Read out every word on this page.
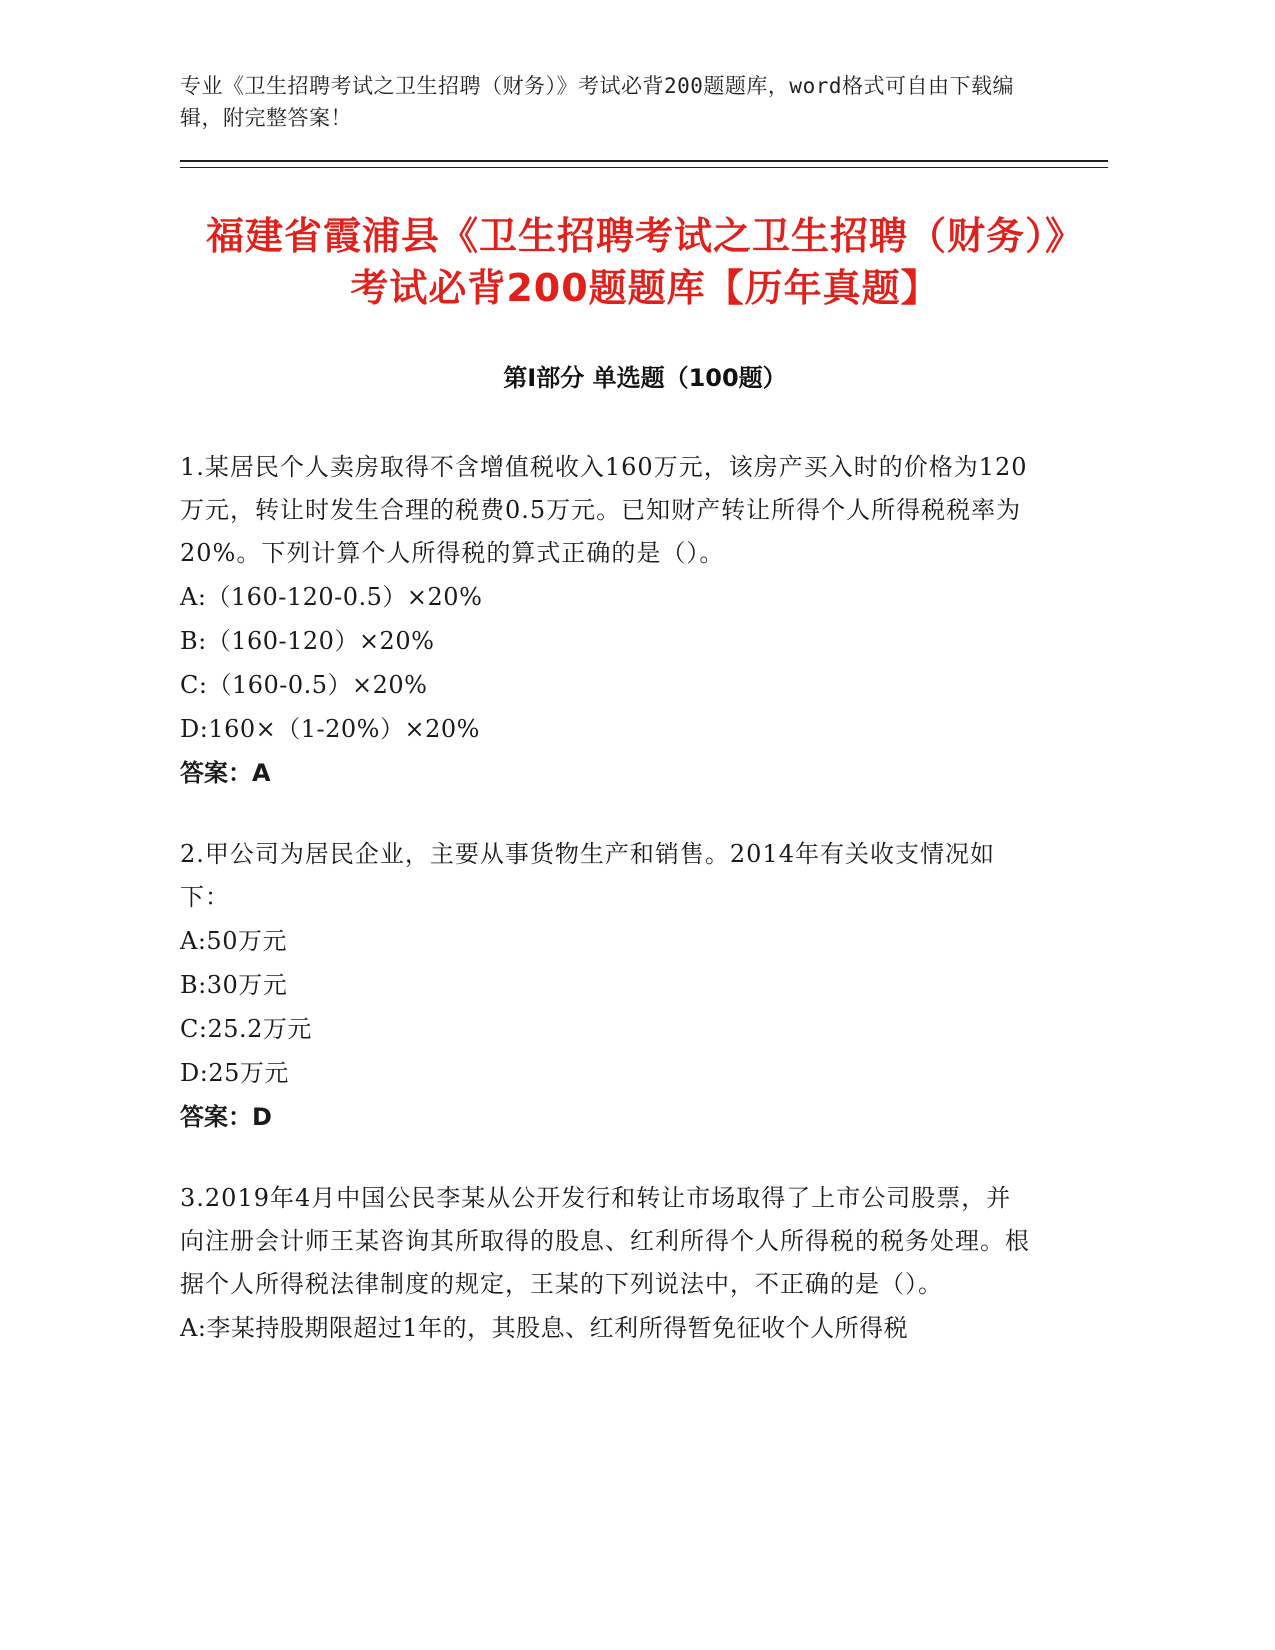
专业《卫生招聘考试之卫生招聘（财务）》考试必背200题题库，word格式可自由下载编辑，附完整答案！
福建省霞浦县《卫生招聘考试之卫生招聘（财务）》考试必背200题题库【历年真题】
第Ⅰ部分 单选题（100题）
1.某居民个人卖房取得不含增值税收入160万元，该房产买入时的价格为120万元，转让时发生合理的税费0.5万元。已知财产转让所得个人所得税税率为20%。下列计算个人所得税的算式正确的是（）。
A:（160-120-0.5）×20%
B:（160-120）×20%
C:（160-0.5）×20%
D:160×（1-20%）×20%
答案：A
2.甲公司为居民企业，主要从事货物生产和销售。2014年有关收支情况如下：
A:50万元
B:30万元
C:25.2万元
D:25万元
答案：D
3.2019年4月中国公民李某从公开发行和转让市场取得了上市公司股票，并向注册会计师王某咨询其所取得的股息、红利所得个人所得税的税务处理。根据个人所得税法律制度的规定，王某的下列说法中，不正确的是（）。
A:李某持股期限超过1年的，其股息、红利所得暂免征收个人所得税
